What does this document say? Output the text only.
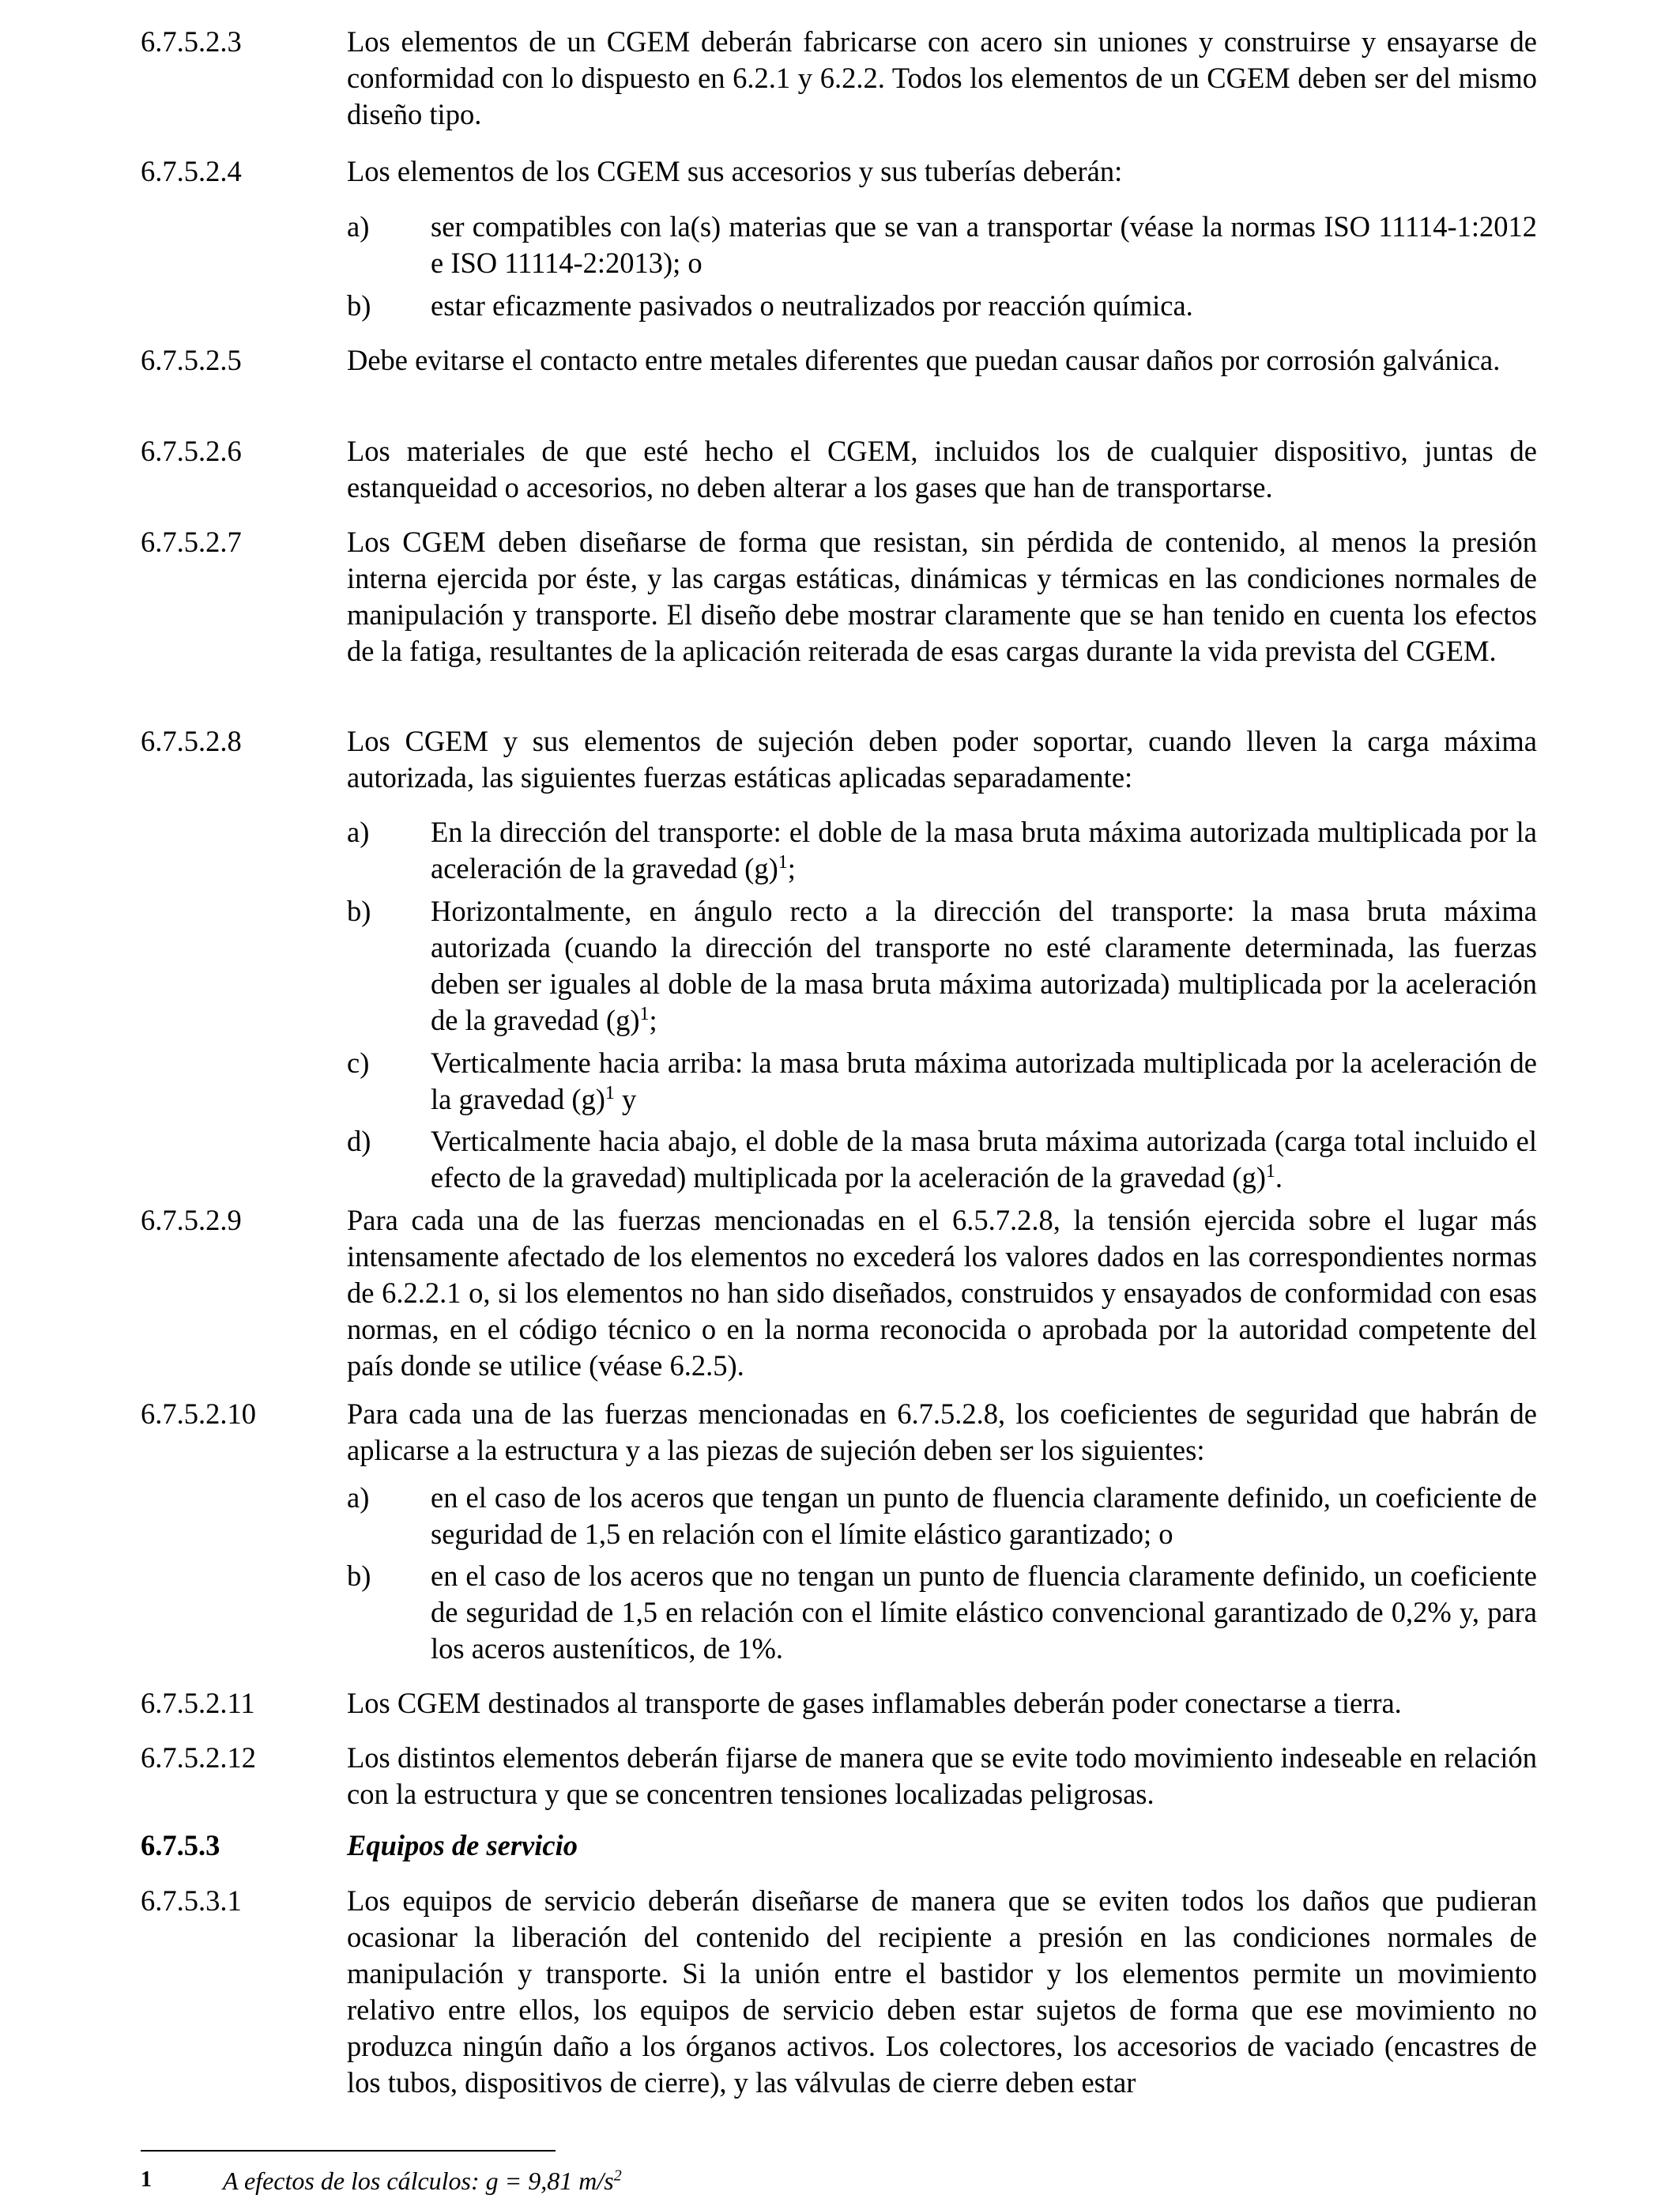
6.7.5.2.3	Los elementos de un CGEM deberán fabricarse con acero sin uniones y construirse y ensayarse de conformidad con lo dispuesto en 6.2.1 y 6.2.2. Todos los elementos de un CGEM deben ser del mismo diseño tipo.
6.7.5.2.4	Los elementos de los CGEM sus accesorios y sus tuberías deberán:
a) ser compatibles con la(s) materias que se van a transportar (véase la normas ISO 11114-1:2012 e ISO 11114-2:2013); o
b) estar eficazmente pasivados o neutralizados por reacción química.
6.7.5.2.5	Debe evitarse el contacto entre metales diferentes que puedan causar daños por corrosión galvánica.
6.7.5.2.6	Los materiales de que esté hecho el CGEM, incluidos los de cualquier dispositivo, juntas de estanqueidad o accesorios, no deben alterar a los gases que han de transportarse.
6.7.5.2.7	Los CGEM deben diseñarse de forma que resistan, sin pérdida de contenido, al menos la presión interna ejercida por éste, y las cargas estáticas, dinámicas y térmicas en las condiciones normales de manipulación y transporte. El diseño debe mostrar claramente que se han tenido en cuenta los efectos de la fatiga, resultantes de la aplicación reiterada de esas cargas durante la vida prevista del CGEM.
6.7.5.2.8	Los CGEM y sus elementos de sujeción deben poder soportar, cuando lleven la carga máxima autorizada, las siguientes fuerzas estáticas aplicadas separadamente:
a) En la dirección del transporte: el doble de la masa bruta máxima autorizada multiplicada por la aceleración de la gravedad $(g)^1$;
b) Horizontalmente, en ángulo recto a la dirección del transporte: la masa bruta máxima autorizada (cuando la dirección del transporte no esté claramente determinada, las fuerzas deben ser iguales al doble de la masa bruta máxima autorizada) multiplicada por la aceleración de la gravedad $(g)^1$;
c) Verticalmente hacia arriba: la masa bruta máxima autorizada multiplicada por la aceleración de la gravedad $(g)^1$ y
d) Verticalmente hacia abajo, el doble de la masa bruta máxima autorizada (carga total incluido el efecto de la gravedad) multiplicada por la aceleración de la gravedad $(g)^1$.
6.7.5.2.9	Para cada una de las fuerzas mencionadas en el 6.5.7.2.8, la tensión ejercida sobre el lugar más intensamente afectado de los elementos no excederá los valores dados en las correspondientes normas de 6.2.2.1 o, si los elementos no han sido diseñados, construidos y ensayados de conformidad con esas normas, en el código técnico o en la norma reconocida o aprobada por la autoridad competente del país donde se utilice (véase 6.2.5).
6.7.5.2.10	Para cada una de las fuerzas mencionadas en 6.7.5.2.8, los coeficientes de seguridad que habrán de aplicarse a la estructura y a las piezas de sujeción deben ser los siguientes:
a) en el caso de los aceros que tengan un punto de fluencia claramente definido, un coeficiente de seguridad de 1,5 en relación con el límite elástico garantizado; o
b) en el caso de los aceros que no tengan un punto de fluencia claramente definido, un coeficiente de seguridad de 1,5 en relación con el límite elástico convencional garantizado de 0,2% y, para los aceros austeníticos, de 1%.
6.7.5.2.11	Los CGEM destinados al transporte de gases inflamables deberán poder conectarse a tierra.
6.7.5.2.12	Los distintos elementos deberán fijarse de manera que se evite todo movimiento indeseable en relación con la estructura y que se concentren tensiones localizadas peligrosas.
6.7.5.3	Equipos de servicio
6.7.5.3.1	Los equipos de servicio deberán diseñarse de manera que se eviten todos los daños que pudieran ocasionar la liberación del contenido del recipiente a presión en las condiciones normales de manipulación y transporte. Si la unión entre el bastidor y los elementos permite un movimiento relativo entre ellos, los equipos de servicio deben estar sujetos de forma que ese movimiento no produzca ningún daño a los órganos activos. Los colectores, los accesorios de vaciado (encastres de los tubos, dispositivos de cierre), y las válvulas de cierre deben estar
1	A efectos de los cálculos: g = 9,81 $m/s^2$
